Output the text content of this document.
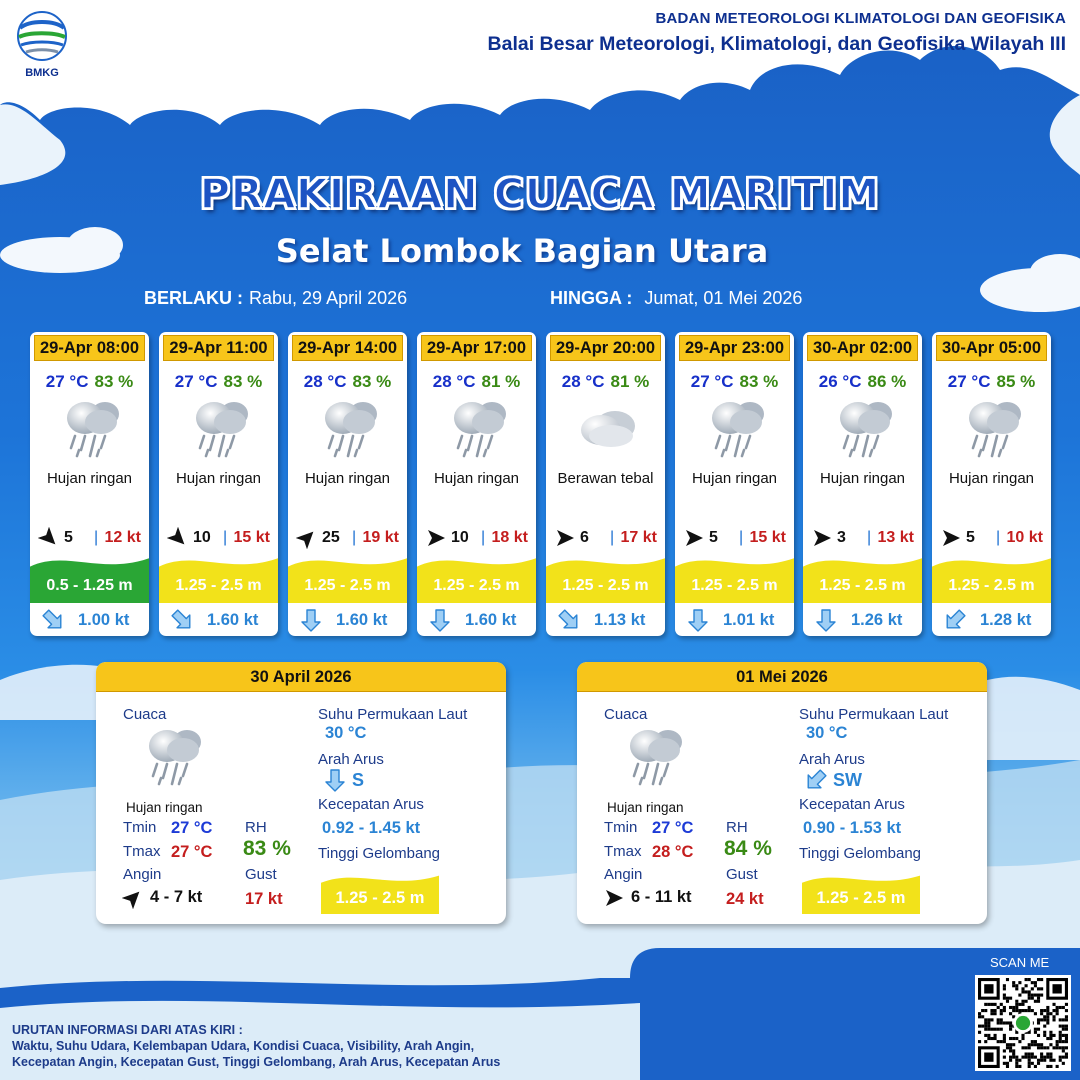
BMKG
BADAN METEOROLOGI KLIMATOLOGI DAN GEOFISIKA
Balai Besar Meteorologi, Klimatologi, dan Geofisika Wilayah III
PRAKIRAAN CUACA MARITIM
Selat Lombok Bagian Utara
BERLAKU : Rabu, 29 April 2026	HINGGA : Jumat, 01 Mei 2026
29-Apr 08:00
27 °C 83 %
Hujan ringan
5 | 12 kt
0.5 - 1.25 m
1.00 kt
29-Apr 11:00
27 °C 83 %
Hujan ringan
10 | 15 kt
1.25 - 2.5 m
1.60 kt
29-Apr 14:00
28 °C 83 %
Hujan ringan
25 | 19 kt
1.25 - 2.5 m
1.60 kt
29-Apr 17:00
28 °C 81 %
Hujan ringan
10 | 18 kt
1.25 - 2.5 m
1.60 kt
29-Apr 20:00
28 °C 81 %
Berawan tebal
6 | 17 kt
1.25 - 2.5 m
1.13 kt
29-Apr 23:00
27 °C 83 %
Hujan ringan
5 | 15 kt
1.25 - 2.5 m
1.01 kt
30-Apr 02:00
26 °C 86 %
Hujan ringan
3 | 13 kt
1.25 - 2.5 m
1.26 kt
30-Apr 05:00
27 °C 85 %
Hujan ringan
5 | 10 kt
1.25 - 2.5 m
1.28 kt
30 April 2026
Cuaca
Hujan ringan
Tmin 27 °C
Tmax 27 °C
Angin
4 - 7 kt
RH
83 %
Gust
17 kt
Suhu Permukaan Laut
30 °C
Arah Arus
S
Kecepatan Arus
0.92 - 1.45 kt
Tinggi Gelombang
1.25 - 2.5 m
01 Mei 2026
Cuaca
Hujan ringan
Tmin 27 °C
Tmax 28 °C
Angin
6 - 11 kt
RH
84 %
Gust
24 kt
Suhu Permukaan Laut
30 °C
Arah Arus
SW
Kecepatan Arus
0.90 - 1.53 kt
Tinggi Gelombang
1.25 - 2.5 m
URUTAN INFORMASI DARI ATAS KIRI :
Waktu, Suhu Udara, Kelembapan Udara, Kondisi Cuaca, Visibility, Arah Angin,
Kecepatan Angin, Kecepatan Gust, Tinggi Gelombang, Arah Arus, Kecepatan Arus
SCAN ME
